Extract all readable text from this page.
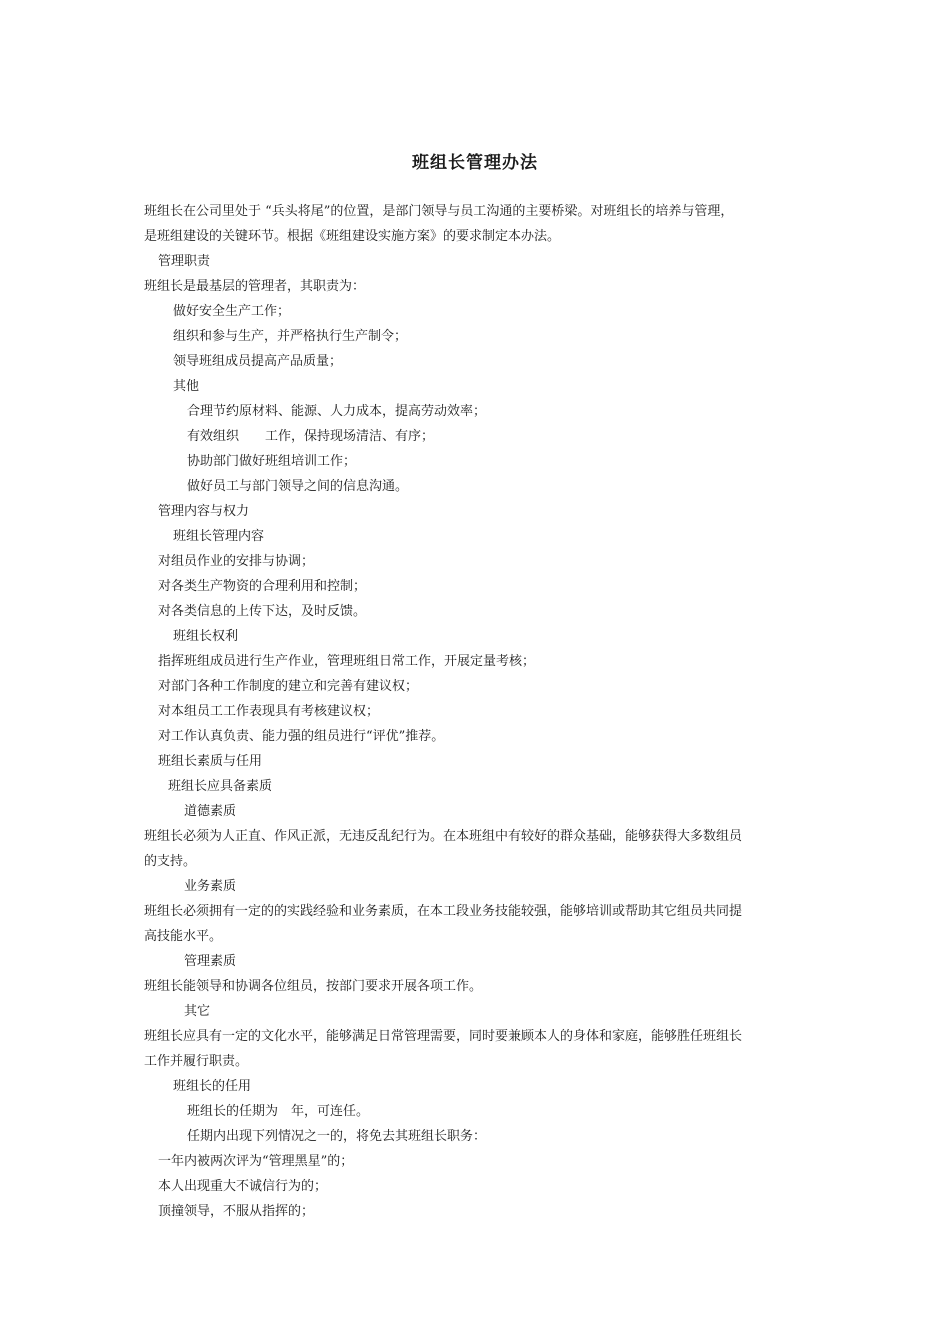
班组长管理办法
班组长在公司里处于 “兵头将尾”的位置，是部门领导与员工沟通的主要桥梁。对班组长的培养与管理，
是班组建设的关键环节。根据《班组建设实施方案》的要求制定本办法。
管理职责
班组长是最基层的管理者，其职责为：
做好安全生产工作；
组织和参与生产，并严格执行生产制令；
领导班组成员提高产品质量；
其他
合理节约原材料、能源、人力成本，提高劳动效率；
有效组织　　工作，保持现场清洁、有序；
协助部门做好班组培训工作；
做好员工与部门领导之间的信息沟通。
管理内容与权力
班组长管理内容
对组员作业的安排与协调；
对各类生产物资的合理利用和控制；
对各类信息的上传下达，及时反馈。
班组长权利
指挥班组成员进行生产作业，管理班组日常工作，开展定量考核；
对部门各种工作制度的建立和完善有建议权；
对本组员工工作表现具有考核建议权；
对工作认真负责、能力强的组员进行“评优”推荐。
班组长素质与任用
班组长应具备素质
道德素质
班组长必须为人正直、作风正派，无违反乱纪行为。在本班组中有较好的群众基础，能够获得大多数组员
的支持。
业务素质
班组长必须拥有一定的的实践经验和业务素质，在本工段业务技能较强，能够培训或帮助其它组员共同提
高技能水平。
管理素质
班组长能领导和协调各位组员，按部门要求开展各项工作。
其它
班组长应具有一定的文化水平，能够满足日常管理需要，同时要兼顾本人的身体和家庭，能够胜任班组长
工作并履行职责。
班组长的任用
班组长的任期为　年，可连任。
任期内出现下列情况之一的，将免去其班组长职务：
一年内被两次评为“管理黑星”的；
本人出现重大不诚信行为的；
顶撞领导，不服从指挥的；
